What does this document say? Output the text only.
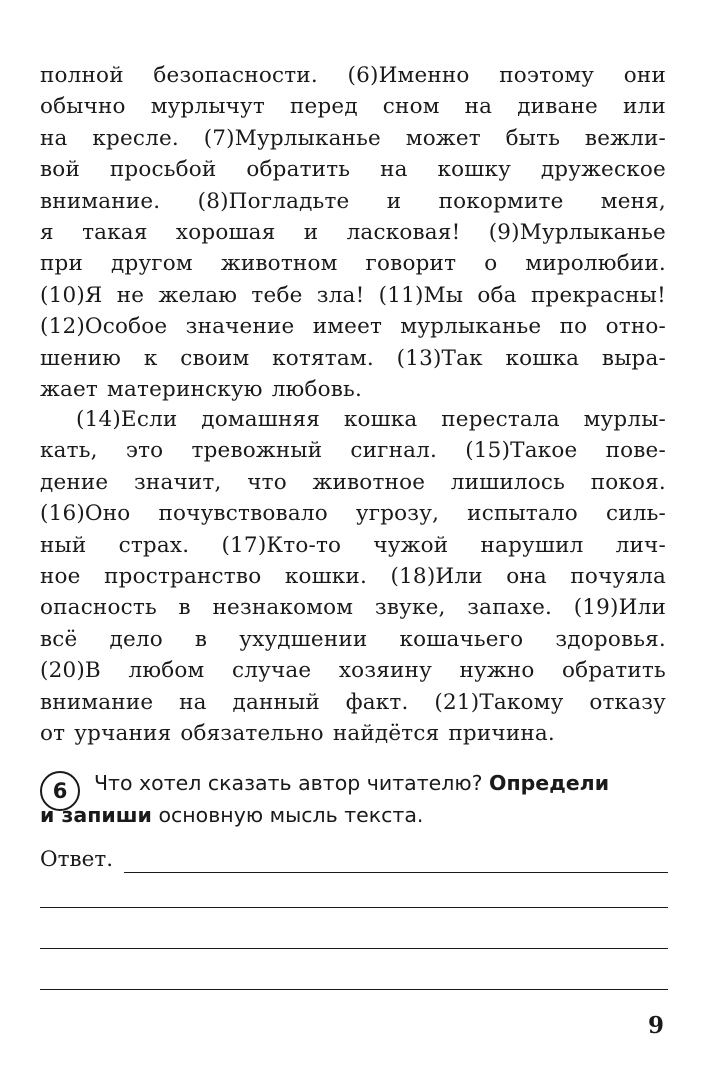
полной безопасности. (6)Именно поэтому они
обычно мурлычут перед сном на диване или
на кресле. (7)Мурлыканье может быть вежли-
вой просьбой обратить на кошку дружеское
внимание. (8)Погладьте и покормите меня,
я такая хорошая и ласковая! (9)Мурлыканье
при другом животном говорит о миролюбии.
(10)Я не желаю тебе зла! (11)Мы оба прекрасны!
(12)Особое значение имеет мурлыканье по отно-
шению к своим котятам. (13)Так кошка выра-
жает материнскую любовь.
(14)Если домашняя кошка перестала мурлы-
кать, это тревожный сигнал. (15)Такое пове-
дение значит, что животное лишилось покоя.
(16)Оно почувствовало угрозу, испытало силь-
ный страх. (17)Кто-то чужой нарушил лич-
ное пространство кошки. (18)Или она почуяла
опасность в незнакомом звуке, запахе. (19)Или
всё дело в ухудшении кошачьего здоровья.
(20)В любом случае хозяину нужно обратить
внимание на данный факт. (21)Такому отказу
от урчания обязательно найдётся причина.
6	Что хотел сказать автор читателю? Определи
и запиши основную мысль текста.
Ответ.
9
